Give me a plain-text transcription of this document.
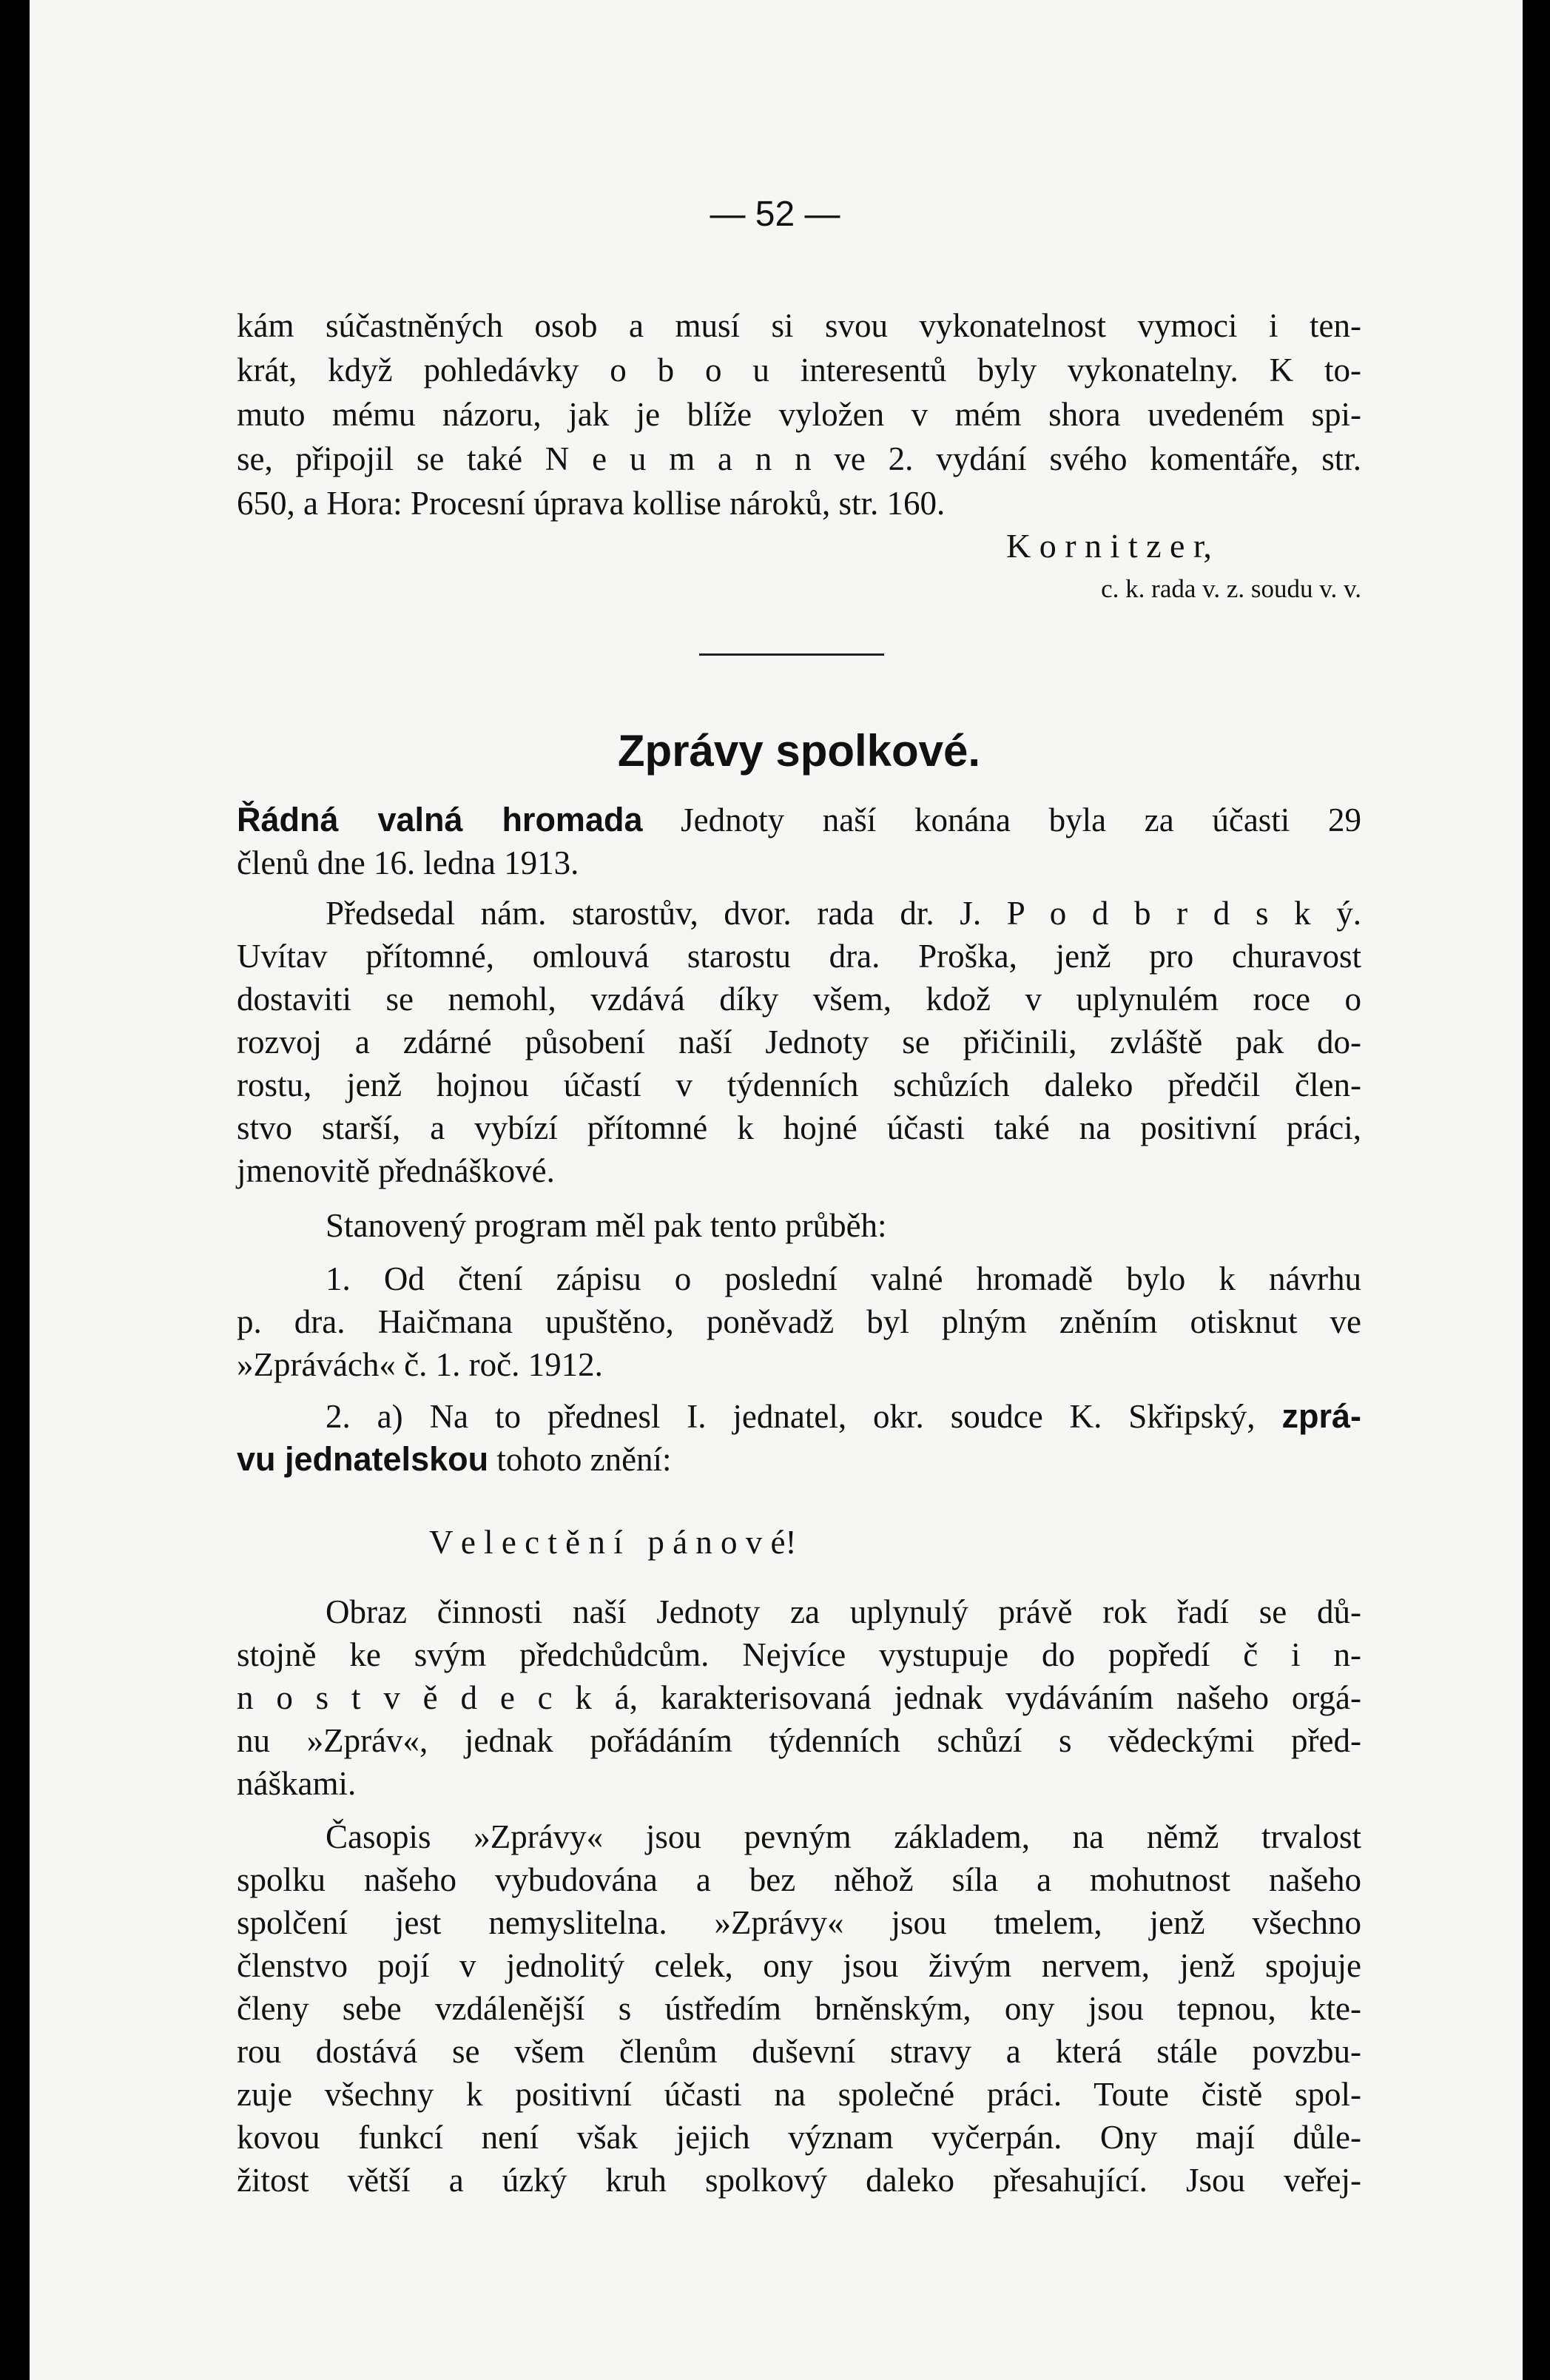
— 52 —
kám súčastněných osob a musí si svou vykonatelnost vymoci i ten-
krát, když pohledávky o b o u interesentů byly vykonatelny. K to-
muto mému názoru, jak je blíže vyložen v mém shora uvedeném spi-
se, připojil se také N e u m a n n ve 2. vydání svého komentáře, str.
650, a Hora: Procesní úprava kollise nároků, str. 160.
K o r n i t z e r,
c. k. rada v. z. soudu v. v.
Zprávy spolkové.
Řádná valná hromada Jednoty naší konána byla za účasti 29
členů dne 16. ledna 1913.
Předsedal nám. starostův, dvor. rada dr. J. P o d b r d s k ý.
Uvítav přítomné, omlouvá starostu dra. Proška, jenž pro churavost
dostaviti se nemohl, vzdává díky všem, kdož v uplynulém roce o
rozvoj a zdárné působení naší Jednoty se přičinili, zvláště pak do-
rostu, jenž hojnou účastí v týdenních schůzích daleko předčil člen-
stvo starší, a vybízí přítomné k hojné účasti také na positivní práci,
jmenovitě přednáškové.
Stanovený program měl pak tento průběh:
1. Od čtení zápisu o poslední valné hromadě bylo k návrhu
p. dra. Haičmana upuštěno, poněvadž byl plným zněním otisknut ve
»Zprávách« č. 1. roč. 1912.
2. a) Na to přednesl I. jednatel, okr. soudce K. Skřipský, zprá-
vu jednatelskou tohoto znění:
V e l e c t ě n í   p á n o v é!
Obraz činnosti naší Jednoty za uplynulý právě rok řadí se dů-
stojně ke svým předchůdcům. Nejvíce vystupuje do popředí č i n-
n o s t v ě d e c k á, karakterisovaná jednak vydáváním našeho orgá-
nu »Zpráv«, jednak pořádáním týdenních schůzí s vědeckými před-
náškami.
Časopis »Zprávy« jsou pevným základem, na němž trvalost
spolku našeho vybudována a bez něhož síla a mohutnost našeho
spolčení jest nemyslitelna. »Zprávy« jsou tmelem, jenž všechno
členstvo pojí v jednolitý celek, ony jsou živým nervem, jenž spojuje
členy sebe vzdálenější s ústředím brněnským, ony jsou tepnou, kte-
rou dostává se všem členům duševní stravy a která stále povzbu-
zuje všechny k positivní účasti na společné práci. Toute čistě spol-
kovou funkcí není však jejich význam vyčerpán. Ony mají důle-
žitost větší a úzký kruh spolkový daleko přesahující. Jsou veřej-
